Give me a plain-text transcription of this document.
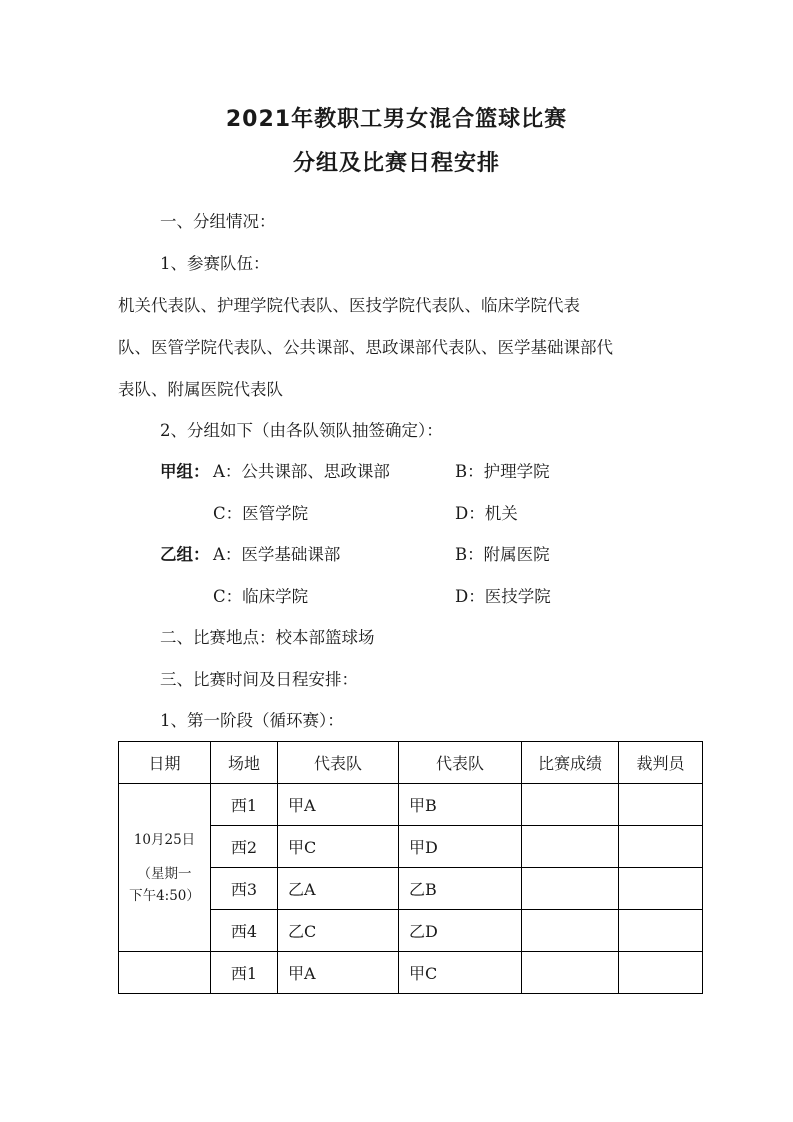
2021年教职工男女混合篮球比赛
分组及比赛日程安排
一、分组情况：
1、参赛队伍：
机关代表队、护理学院代表队、医技学院代表队、临床学院代表
队、医管学院代表队、公共课部、思政课部代表队、医学基础课部代
表队、附属医院代表队
2、分组如下（由各队领队抽签确定）：
甲组： A：公共课部、思政课部	B：护理学院
C：医管学院	D：机关
乙组： A：医学基础课部	B：附属医院
C：临床学院	D：医技学院
二、比赛地点：校本部篮球场
三、比赛时间及日程安排：
1、第一阶段（循环赛）：
日期	场地	代表队	代表队	比赛成绩	裁判员
10月25日
（星期一
下午4:50）	西1	甲A	甲B		
	西2	甲C	甲D		
	西3	乙A	乙B		
	西4	乙C	乙D		
	西1	甲A	甲C		
